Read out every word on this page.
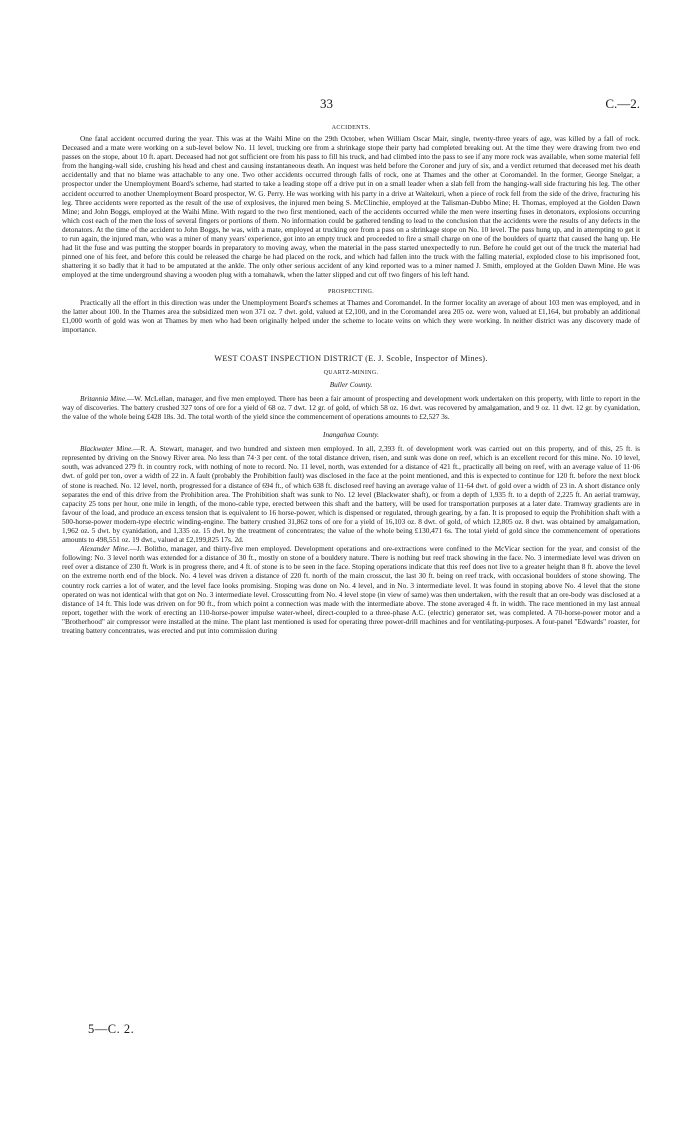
33	C.—2.
ACCIDENTS.

One fatal accident occurred during the year. This was at the Waihi Mine on the 29th October, when William Oscar Mair, single, twenty-three years of age, was killed by a fall of rock. Deceased and a mate were working on a sub-level below No. 11 level, trucking ore from a shrinkage stope their party had completed breaking out. At the time they were drawing from two end passes on the stope, about 10 ft. apart. Deceased had not got sufficient ore from his pass to fill his truck, and had climbed into the pass to see if any more rock was available, when some material fell from the hanging-wall side, crushing his head and chest and causing instantaneous death. An inquest was held before the Coroner and jury of six, and a verdict returned that deceased met his death accidentally and that no blame was attachable to any one. Two other accidents occurred through falls of rock, one at Thames and the other at Coromandel. In the former, George Snelgar, a prospector under the Unemployment Board's scheme, had started to take a leading stope off a drive put in on a small leader when a slab fell from the hanging-wall side fracturing his leg. The other accident occurred to another Unemployment Board prospector, W. G. Perry. He was working with his party in a drive at Waitekuri, when a piece of rock fell from the side of the drive, fracturing his leg. Three accidents were reported as the result of the use of explosives, the injured men being S. McClinchie, employed at the Talisman-Dubbo Mine; H. Thomas, employed at the Golden Dawn Mine; and John Boggs, employed at the Waihi Mine. With regard to the two first mentioned, each of the accidents occurred while the men were inserting fuses in detonators, explosions occurring which cost each of the men the loss of several fingers or portions of them. No information could be gathered tending to lead to the conclusion that the accidents were the results of any defects in the detonators. At the time of the accident to John Boggs, he was, with a mate, employed at trucking ore from a pass on a shrinkage stope on No. 10 level. The pass hung up, and in attempting to get it to run again, the injured man, who was a miner of many years' experience, got into an empty truck and proceeded to fire a small charge on one of the boulders of quartz that caused the hang up. He had lit the fuse and was putting the stopper boards in preparatory to moving away, when the material in the pass started unexpectedly to run. Before he could get out of the truck the material had pinned one of his feet, and before this could be released the charge he had placed on the rock, and which had fallen into the truck with the falling material, exploded close to his imprisoned foot, shattering it so badly that it had to be amputated at the ankle. The only other serious accident of any kind reported was to a miner named J. Smith, employed at the Golden Dawn Mine. He was employed at the time underground shaving a wooden plug with a tomahawk, when the latter slipped and cut off two fingers of his left hand.

PROSPECTING.

Practically all the effort in this direction was under the Unemployment Board's schemes at Thames and Coromandel. In the former locality an average of about 103 men was employed, and in the latter about 100. In the Thames area the subsidized men won 371 oz. 7 dwt. gold, valued at £2,100, and in the Coromandel area 205 oz. were won, valued at £1,164, but probably an additional £1,000 worth of gold was won at Thames by men who had been originally helped under the scheme to locate veins on which they were working. In neither district was any discovery made of importance.

WEST COAST INSPECTION DISTRICT (E. J. Scoble, Inspector of Mines).
QUARTZ-MINING.
Buller County.

Britannia Mine.—W. McLellan, manager, and five men employed. There has been a fair amount of prospecting and development work undertaken on this property, with little to report in the way of discoveries. The battery crushed 327 tons of ore for a yield of 68 oz. 7 dwt. 12 gr. of gold, of which 58 oz. 16 dwt. was recovered by amalgamation, and 9 oz. 11 dwt. 12 gr. by cyanidation, the value of the whole being £428 18s. 3d. The total worth of the yield since the commencement of operations amounts to £2,527 3s.

Inangahua County.

Blackwater Mine.—R. A. Stewart, manager, and two hundred and sixteen men employed. In all, 2,393 ft. of development work was carried out on this property, and of this, 25 ft. is represented by driving on the Snowy River area. No less than 74·3 per cent. of the total distance driven, risen, and sunk was done on reef, which is an excellent record for this mine. No. 10 level, south, was advanced 279 ft. in country rock, with nothing of note to record. No. 11 level, north, was extended for a distance of 421 ft., practically all being on reef, with an average value of 11·06 dwt. of gold per ton, over a width of 22 in. A fault (probably the Prohibition fault) was disclosed in the face at the point mentioned, and this is expected to continue for 120 ft. before the next block of stone is reached. No. 12 level, north, progressed for a distance of 694 ft., of which 638 ft. disclosed reef having an average value of 11·64 dwt. of gold over a width of 23 in. A short distance only separates the end of this drive from the Prohibition area. The Prohibition shaft was sunk to No. 12 level (Blackwater shaft), or from a depth of 1,935 ft. to a depth of 2,225 ft. An aerial tramway, capacity 25 tons per hour, one mile in length, of the mono-cable type, erected between this shaft and the battery, will be used for transportation purposes at a later date. Tramway gradients are in favour of the load, and produce an excess tension that is equivalent to 16 horse-power, which is dispensed or regulated, through gearing, by a fan. It is proposed to equip the Prohibition shaft with a 500-horse-power modern-type electric winding-engine. The battery crushed 31,862 tons of ore for a yield of 16,103 oz. 8 dwt. of gold, of which 12,805 oz. 8 dwt. was obtained by amalgamation, 1,962 oz. 5 dwt. by cyanidation, and 1,335 oz. 15 dwt. by the treatment of concentrates; the value of the whole being £130,471 6s. The total yield of gold since the commencement of operations amounts to 498,551 oz. 19 dwt., valued at £2,199,825 17s. 2d.

Alexander Mine.—J. Bolitho, manager, and thirty-five men employed. Development operations and ore-extractions were confined to the McVicar section for the year, and consist of the following: No. 3 level north was extended for a distance of 30 ft., mostly on stone of a bouldery nature. There is nothing but reef track showing in the face. No. 3 intermediate level was driven on reef over a distance of 230 ft. Work is in progress there, and 4 ft. of stone is to be seen in the face. Stoping operations indicate that this reef does not live to a greater height than 8 ft. above the level on the extreme north end of the block. No. 4 level was driven a distance of 220 ft. north of the main crosscut, the last 30 ft. being on reef track, with occasional boulders of stone showing. The country rock carries a lot of water, and the level face looks promising. Stoping was done on No. 4 level, and in No. 3 intermediate level. It was found in stoping above No. 4 level that the stone operated on was not identical with that got on No. 3 intermediate level. Crosscutting from No. 4 level stope (in view of same) was then undertaken, with the result that an ore-body was disclosed at a distance of 14 ft. This lode was driven on for 90 ft., from which point a connection was made with the intermediate above. The stone averaged 4 ft. in width. The race mentioned in my last annual report, together with the work of erecting an 110-horse-power impulse water-wheel, direct-coupled to a three-phase A.C. (electric) generator set, was completed. A 70-horse-power motor and a "Brotherhood" air compressor were installed at the mine. The plant last mentioned is used for operating three power-drill machines and for ventilating-purposes. A four-panel "Edwards" roaster, for treating battery concentrates, was erected and put into commission during

5—C. 2.
